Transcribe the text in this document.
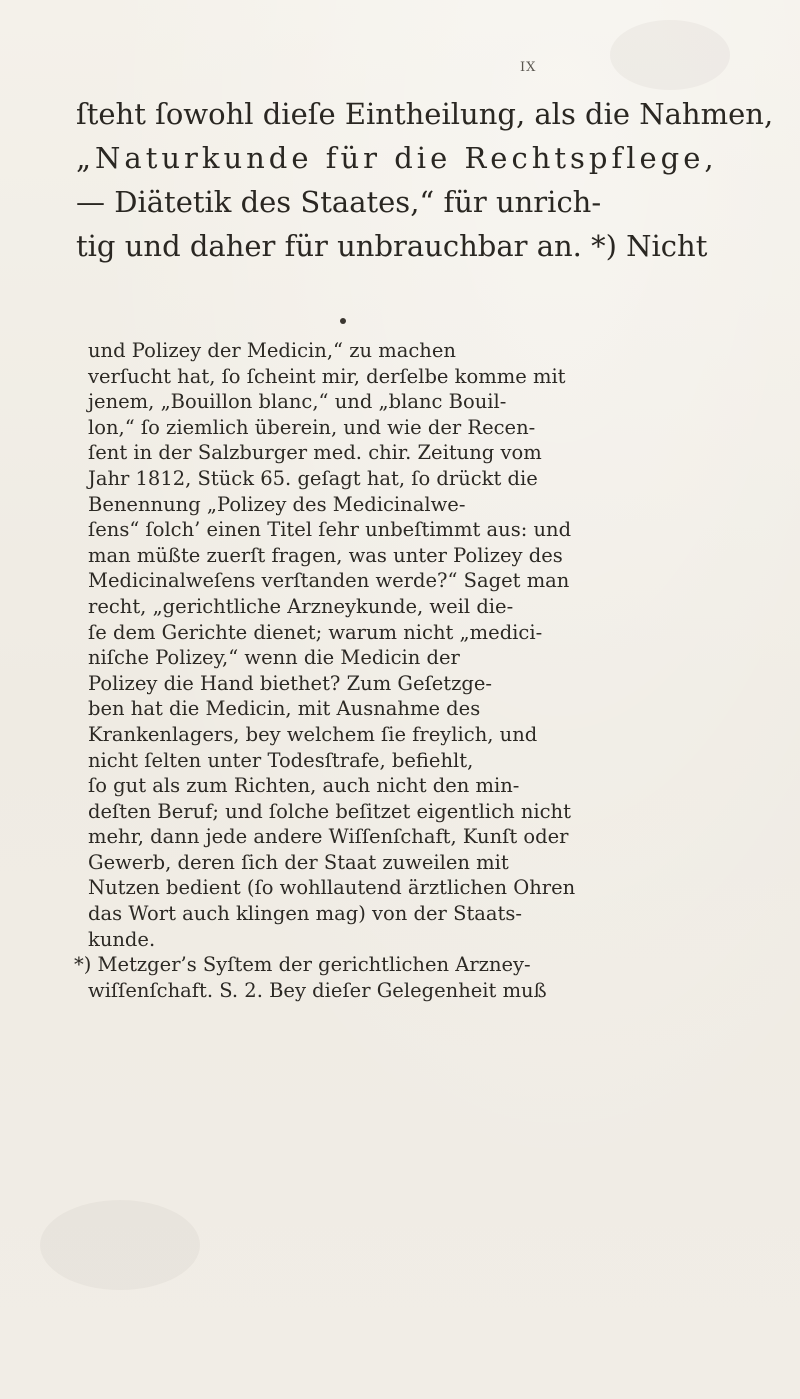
IX
ſteht ſowohl dieſe Eintheilung, als die Nahmen,
„Naturkunde für die Rechtspflege,
— Diätetik des Staates,“ für unrich‑
tig und daher für unbrauchbar an. *) Nicht
und Polizey der Medicin,“ zu machen
verſucht hat, ſo ſcheint mir, derſelbe komme mit
jenem, „Bouillon blanc,“ und „blanc Bouil‑
lon,“ ſo ziemlich überein, und wie der Recen‑
ſent in der Salzburger med. chir. Zeitung vom
Jahr 1812, Stück 65. geſagt hat, ſo drückt die
Benennung „Polizey des Medicinalwe‑
ſens“ ſolch’ einen Titel ſehr unbeſtimmt aus: und
man müßte zuerſt fragen, was unter Polizey des
Medicinalweſens verſtanden werde?“ Saget man
recht, „gerichtliche Arzneykunde, weil die‑
ſe dem Gerichte dienet; warum nicht „medici‑
niſche Polizey,“ wenn die Medicin der
Polizey die Hand biethet? Zum Geſetzge‑
ben hat die Medicin, mit Ausnahme des
Krankenlagers, bey welchem ſie freylich, und
nicht ſelten unter Todesſtrafe, befiehlt,
ſo gut als zum Richten, auch nicht den min‑
deſten Beruf; und ſolche beſitzet eigentlich nicht
mehr, dann jede andere Wiſſenſchaft, Kunſt oder
Gewerb, deren ſich der Staat zuweilen mit
Nutzen bedient (ſo wohllautend ärztlichen Ohren
das Wort auch klingen mag) von der Staats‑
kunde.
*) Metzger’s Syſtem der gerichtlichen Arzney‑
wiſſenſchaft. S. 2. Bey dieſer Gelegenheit muß
